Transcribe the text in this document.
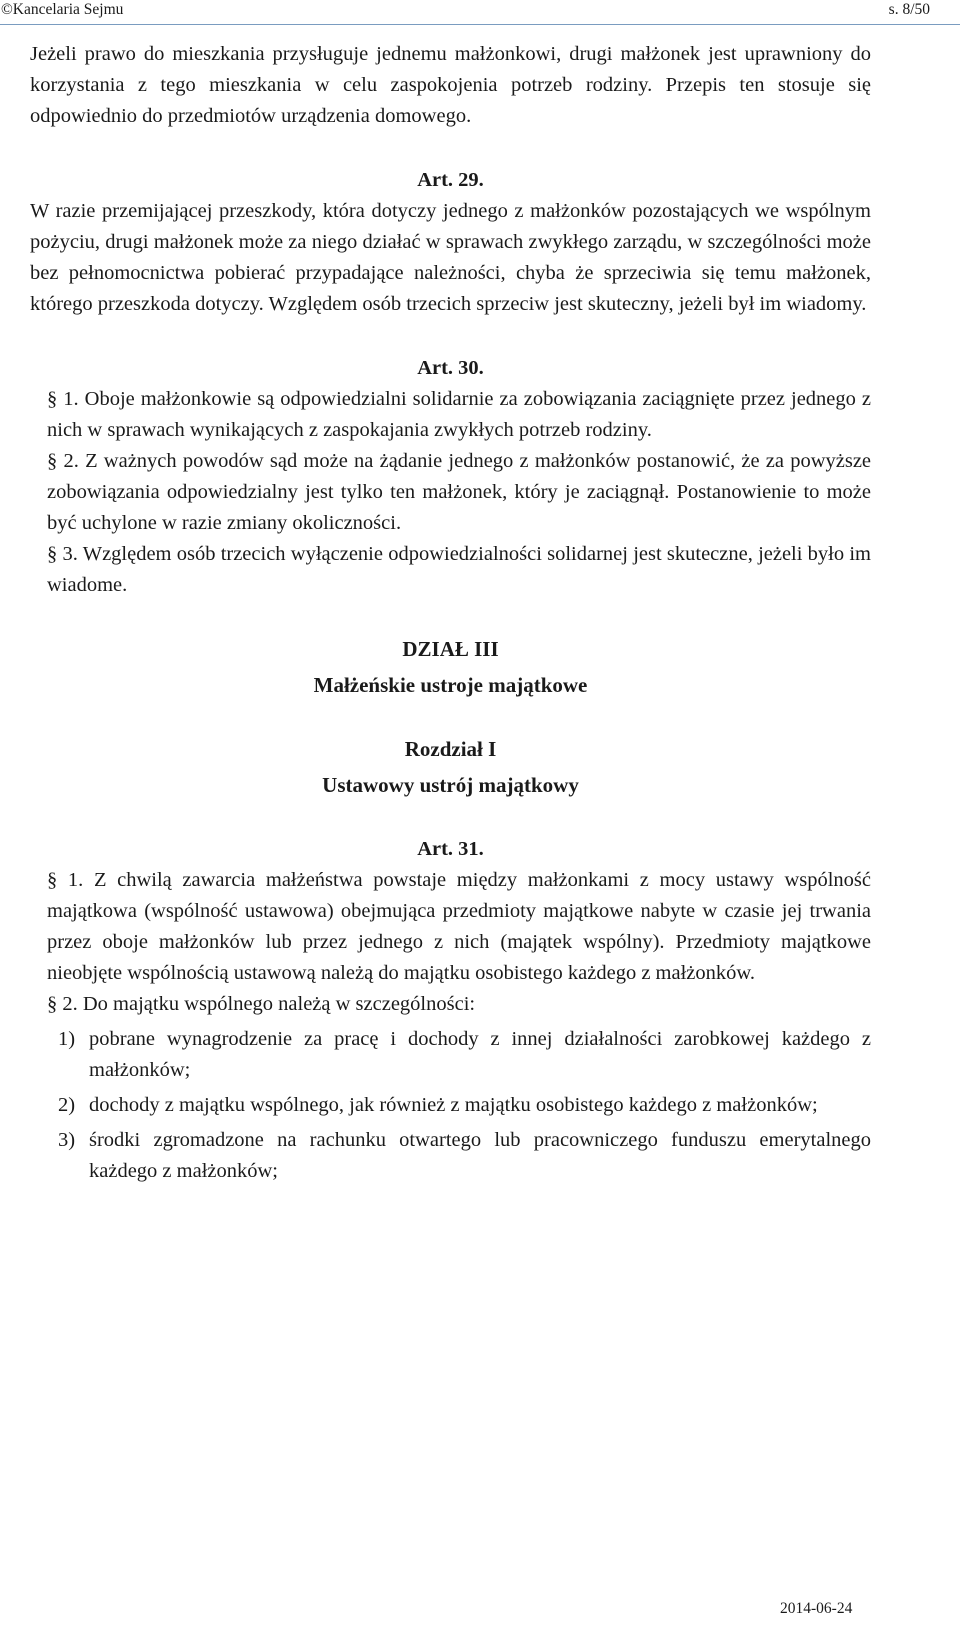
©Kancelaria Sejmu	s. 8/50

Jeżeli prawo do mieszkania przysługuje jednemu małżonkowi, drugi małżonek jest uprawniony do korzystania z tego mieszkania w celu zaspokojenia potrzeb rodziny. Przepis ten stosuje się odpowiednio do przedmiotów urządzenia domowego.

Art. 29.

W razie przemijającej przeszkody, która dotyczy jednego z małżonków pozostających we wspólnym pożyciu, drugi małżonek może za niego działać w sprawach zwykłego zarządu, w szczególności może bez pełnomocnictwa pobierać przypadające należności, chyba że sprzeciwia się temu małżonek, którego przeszkoda dotyczy. Względem osób trzecich sprzeciw jest skuteczny, jeżeli był im wiadomy.

Art. 30.

§ 1. Oboje małżonkowie są odpowiedzialni solidarnie za zobowiązania zaciągnięte przez jednego z nich w sprawach wynikających z zaspokajania zwykłych potrzeb rodziny.

§ 2. Z ważnych powodów sąd może na żądanie jednego z małżonków postanowić, że za powyższe zobowiązania odpowiedzialny jest tylko ten małżonek, który je zaciągnął. Postanowienie to może być uchylone w razie zmiany okoliczności.

§ 3. Względem osób trzecich wyłączenie odpowiedzialności solidarnej jest skuteczne, jeżeli było im wiadome.

DZIAŁ III

Małżeńskie ustroje majątkowe

Rozdział I

Ustawowy ustrój majątkowy

Art. 31.

§ 1. Z chwilą zawarcia małżeństwa powstaje między małżonkami z mocy ustawy wspólność majątkowa (wspólność ustawowa) obejmująca przedmioty majątkowe nabyte w czasie jej trwania przez oboje małżonków lub przez jednego z nich (majątek wspólny). Przedmioty majątkowe nieobjęte wspólnością ustawową należą do majątku osobistego każdego z małżonków.

§ 2. Do majątku wspólnego należą w szczególności:

1) pobrane wynagrodzenie za pracę i dochody z innej działalności zarobkowej każdego z małżonków;

2) dochody z majątku wspólnego, jak również z majątku osobistego każdego z małżonków;

3) środki zgromadzone na rachunku otwartego lub pracowniczego funduszu emerytalnego każdego z małżonków;

2014-06-24
